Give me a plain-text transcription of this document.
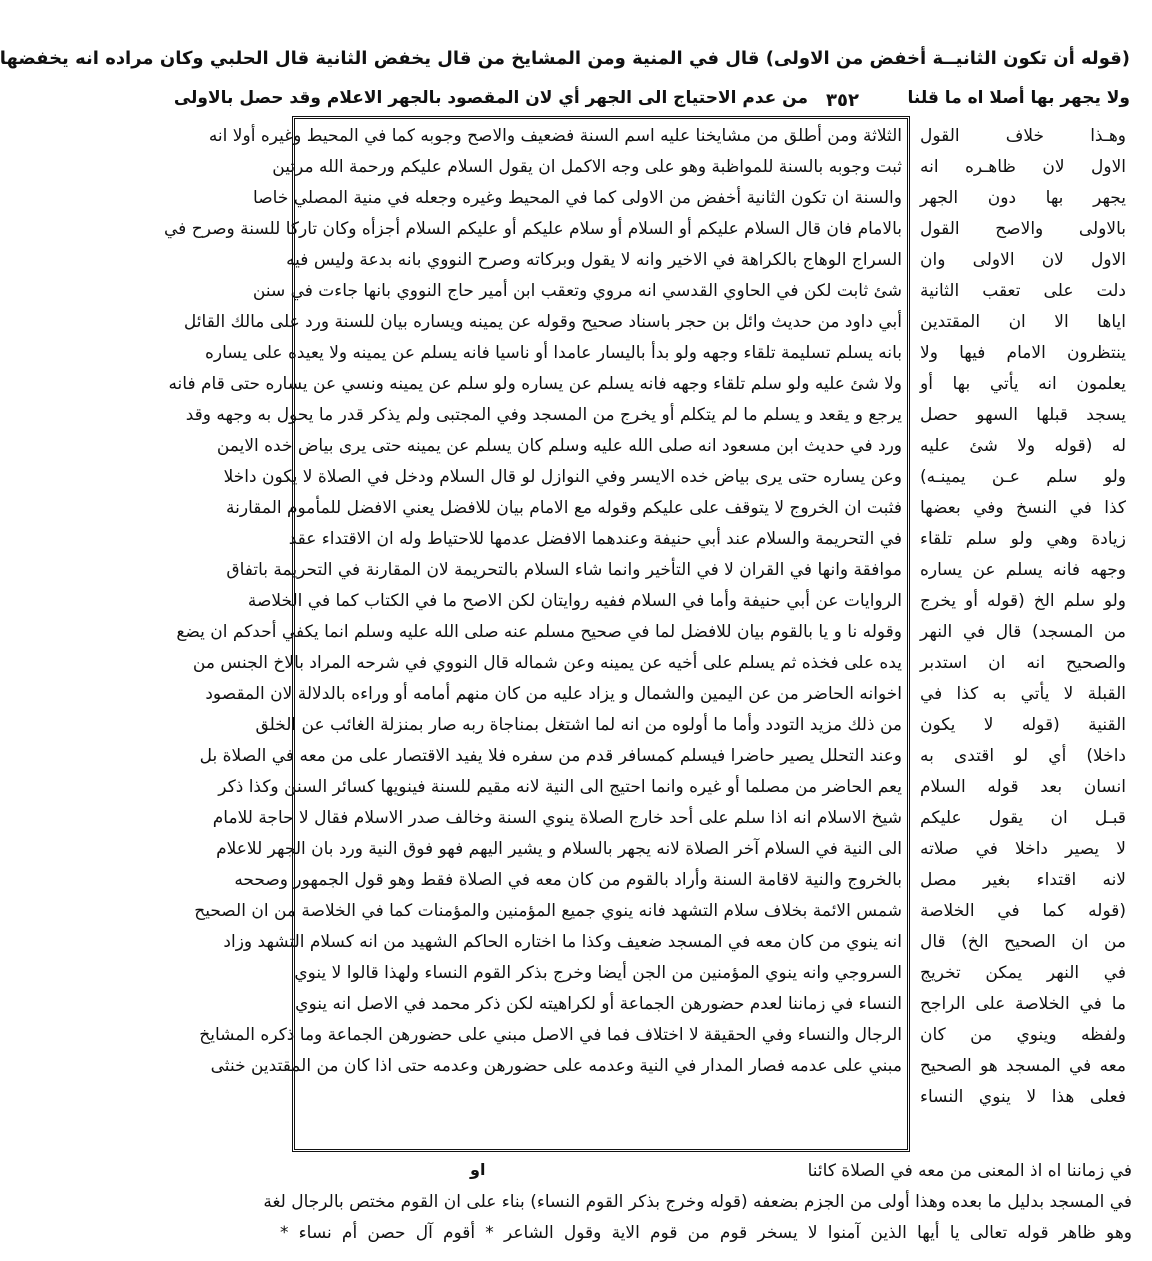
(قوله أن تكون الثانيــة أخفض من الاولى) قال في المنية ومن المشايخ من قال يخفض الثانية قال الحلبي وكان مراده انه يخفضها
ولا يجهر بها أصلا اه ما قلنا
٣٥٢
من عدم الاحتياج الى الجهر أي لان المقصود بالجهر الاعلام وقد حصل بالاولى
الثلاثة ومن أطلق من مشايخنا عليه اسم السنة فضعيف والاصح وجوبه كما في المحيط وغيره أولا انه
ثبت وجوبه بالسنة للمواظبة وهو على وجه الاكمل ان يقول السلام عليكم ورحمة الله مرتين
والسنة ان تكون الثانية أخفض من الاولى كما في المحيط وغيره وجعله في منية المصلي خاصا
بالامام فان قال السلام عليكم أو السلام أو سلام عليكم أو عليكم السلام أجزأه وكان تاركا للسنة وصرح في
السراج الوهاج بالكراهة في الاخير وانه لا يقول وبركاته وصرح النووي بانه بدعة وليس فيه
شئ ثابت لكن في الحاوي القدسي انه مروي وتعقب ابن أمير حاج النووي بانها جاءت في سنن
أبي داود من حديث وائل بن حجر باسناد صحيح وقوله عن يمينه ويساره بيان للسنة ورد على مالك القائل
بانه يسلم تسليمة تلقاء وجهه ولو بدأ باليسار عامدا أو ناسيا فانه يسلم عن يمينه ولا يعيده على يساره
ولا شئ عليه ولو سلم تلقاء وجهه فانه يسلم عن يساره ولو سلم عن يمينه ونسي عن يساره حتى قام فانه
يرجع و يقعد و يسلم ما لم يتكلم أو يخرج من المسجد وفي المجتبى ولم يذكر قدر ما يحول به وجهه وقد
ورد في حديث ابن مسعود انه صلى الله عليه وسلم كان يسلم عن يمينه حتى يرى بياض خده الايمن
وعن يساره حتى يرى بياض خده الايسر وفي النوازل لو قال السلام ودخل في الصلاة لا يكون داخلا
فثبت ان الخروج لا يتوقف على عليكم وقوله مع الامام بيان للافضل يعني الافضل للمأموم المقارنة
في التحريمة والسلام عند أبي حنيفة وعندهما الافضل عدمها للاحتياط وله ان الاقتداء عقد
موافقة وانها في القران لا في التأخير وانما شاء السلام بالتحريمة لان المقارنة في التحريمة باتفاق
الروايات عن أبي حنيفة وأما في السلام ففيه روايتان لكن الاصح ما في الكتاب كما في الخلاصة
وقوله نا و يا بالقوم بيان للافضل لما في صحيح مسلم عنه صلى الله عليه وسلم انما يكفي أحدكم ان يضع
يده على فخذه ثم يسلم على أخيه عن يمينه وعن شماله قال النووي في شرحه المراد بالاخ الجنس من
اخوانه الحاضر من عن اليمين والشمال و يزاد عليه من كان منهم أمامه أو وراءه بالدلالة لان المقصود
من ذلك مزيد التودد وأما ما أولوه من انه لما اشتغل بمناجاة ربه صار بمنزلة الغائب عن الخلق
وعند التحلل يصير حاضرا فيسلم كمسافر قدم من سفره فلا يفيد الاقتصار على من معه في الصلاة بل
يعم الحاضر من مصلما أو غيره وانما احتيج الى النية لانه مقيم للسنة فينويها كسائر السنن وكذا ذكر
شيخ الاسلام انه اذا سلم على أحد خارج الصلاة ينوي السنة وخالف صدر الاسلام فقال لا حاجة للامام
الى النية في السلام آخر الصلاة لانه يجهر بالسلام و يشير اليهم فهو فوق النية ورد بان الجهر للاعلام
بالخروج والنية لاقامة السنة وأراد بالقوم من كان معه في الصلاة فقط وهو قول الجمهور وصححه
شمس الائمة بخلاف سلام التشهد فانه ينوي جميع المؤمنين والمؤمنات كما في الخلاصة من ان الصحيح
انه ينوي من كان معه في المسجد ضعيف وكذا ما اختاره الحاكم الشهيد من انه كسلام التشهد وزاد
السروجي وانه ينوي المؤمنين من الجن أيضا وخرج بذكر القوم النساء ولهذا قالوا لا ينوي
النساء في زماننا لعدم حضورهن الجماعة أو لكراهيته لكن ذكر محمد في الاصل انه ينوي
الرجال والنساء وفي الحقيقة لا اختلاف فما في الاصل مبني على حضورهن الجماعة وما ذكره المشايخ
مبني على عدمه فصار المدار في النية وعدمه على حضورهن وعدمه حتى اذا كان من المقتدين خنثى
وهـذا خلاف القول
الاول لان ظاهـره انه
يجهر بها دون الجهر
بالاولى والاصح القول
الاول لان الاولى وان
دلت على تعقب الثانية
اياها الا ان المقتدين
ينتظرون الامام فيها ولا
يعلمون انه يأتي بها أو
يسجد قبلها السهو حصل
له (قوله ولا شئ عليه
ولو سلم عـن يمينـه)
كذا في النسخ وفي بعضها
زيادة وهي ولو سلم تلقاء
وجهه فانه يسلم عن يساره
ولو سلم الخ (قوله أو يخرج
من المسجد) قال في النهر
والصحيح انه ان استدبر
القبلة لا يأتي به كذا في
القنية (قوله لا يكون
داخلا) أي لو اقتدى به
انسان بعد قوله السلام
قبـل ان يقول عليكم
لا يصير داخلا في صلاته
لانه اقتداء بغير مصل
(قوله كما في الخلاصة
من ان الصحيح الخ) قال
في النهر يمكن تخريج
ما في الخلاصة على الراجح
ولفظه وينوي من كان
معه في المسجد هو الصحيح
فعلى هذا لا ينوي النساء
في زماننا اه اذ المعنى من معه في الصلاة كائنا
او
في المسجد بدليل ما بعده وهذا أولى من الجزم بضعفه (قوله وخرج بذكر القوم النساء) بناء على ان القوم مختص بالرجال لغة
وهو ظاهر قوله تعالى يا أيها الذين آمنوا لا يسخر قوم من قوم الاية وقول الشاعر * أقوم آل حصن أم نساء *
